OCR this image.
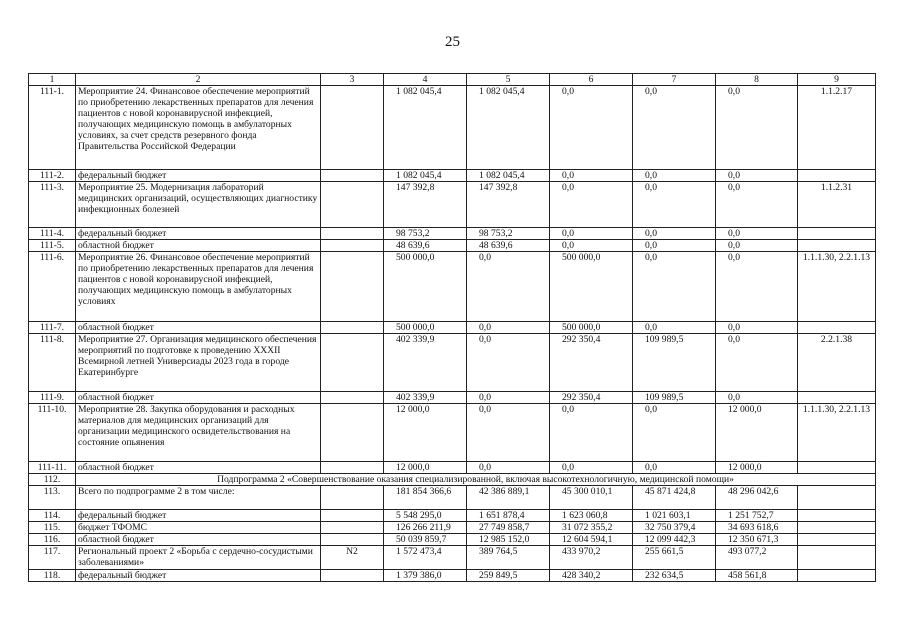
25
1	2	3	4	5	6	7	8	9
111-1.	Мероприятие 24. Финансовое обеспечение мероприятий по приобретению лекарственных препаратов для лечения пациентов с новой коронавирусной инфекцией, получающих медицинскую помощь в амбулаторных условиях, за счет средств резервного фонда Правительства Российской Федерации		1 082 045,4	1 082 045,4	0,0	0,0	0,0	1.1.2.17
111-2.	федеральный бюджет		1 082 045,4	1 082 045,4	0,0	0,0	0,0	
111-3.	Мероприятие 25. Модернизация лабораторий медицинских организаций, осуществляющих диагностику инфекционных болезней		147 392,8	147 392,8	0,0	0,0	0,0	1.1.2.31
111-4.	федеральный бюджет		98 753,2	98 753,2	0,0	0,0	0,0	
111-5.	областной бюджет		48 639,6	48 639,6	0,0	0,0	0,0	
111-6.	Мероприятие 26. Финансовое обеспечение мероприятий по приобретению лекарственных препаратов для лечения пациентов с новой коронавирусной инфекцией, получающих медицинскую помощь в амбулаторных условиях		500 000,0	0,0	500 000,0	0,0	0,0	1.1.1.30, 2.2.1.13
111-7.	областной бюджет		500 000,0	0,0	500 000,0	0,0	0,0	
111-8.	Мероприятие 27. Организация медицинского обеспечения мероприятий по подготовке к проведению XXXII Всемирной летней Универсиады 2023 года в городе Екатеринбурге		402 339,9	0,0	292 350,4	109 989,5	0,0	2.2.1.38
111-9.	областной бюджет		402 339,9	0,0	292 350,4	109 989,5	0,0	
111-10.	Мероприятие 28. Закупка оборудования и расходных материалов для медицинских организаций для организации медицинского освидетельствования на состояние опьянения		12 000,0	0,0	0,0	0,0	12 000,0	1.1.1.30, 2.2.1.13
111-11.	областной бюджет		12 000,0	0,0	0,0	0,0	12 000,0	
112.	Подпрограмма 2 «Совершенствование оказания специализированной, включая высокотехнологичную, медицинской помощи»							
113.	Всего по подпрограмме 2 в том числе:		181 854 366,6	42 386 889,1	45 300 010,1	45 871 424,8	48 296 042,6	
114.	федеральный бюджет		5 548 295,0	1 651 878,4	1 623 060,8	1 021 603,1	1 251 752,7	
115.	бюджет ТФОМС		126 266 211,9	27 749 858,7	31 072 355,2	32 750 379,4	34 693 618,6	
116.	областной бюджет		50 039 859,7	12 985 152,0	12 604 594,1	12 099 442,3	12 350 671,3	
117.	Региональный проект 2 «Борьба с сердечно-сосудистыми заболеваниями»	N2	1 572 473,4	389 764,5	433 970,2	255 661,5	493 077,2	
118.	федеральный бюджет		1 379 386,0	259 849,5	428 340,2	232 634,5	458 561,8	
